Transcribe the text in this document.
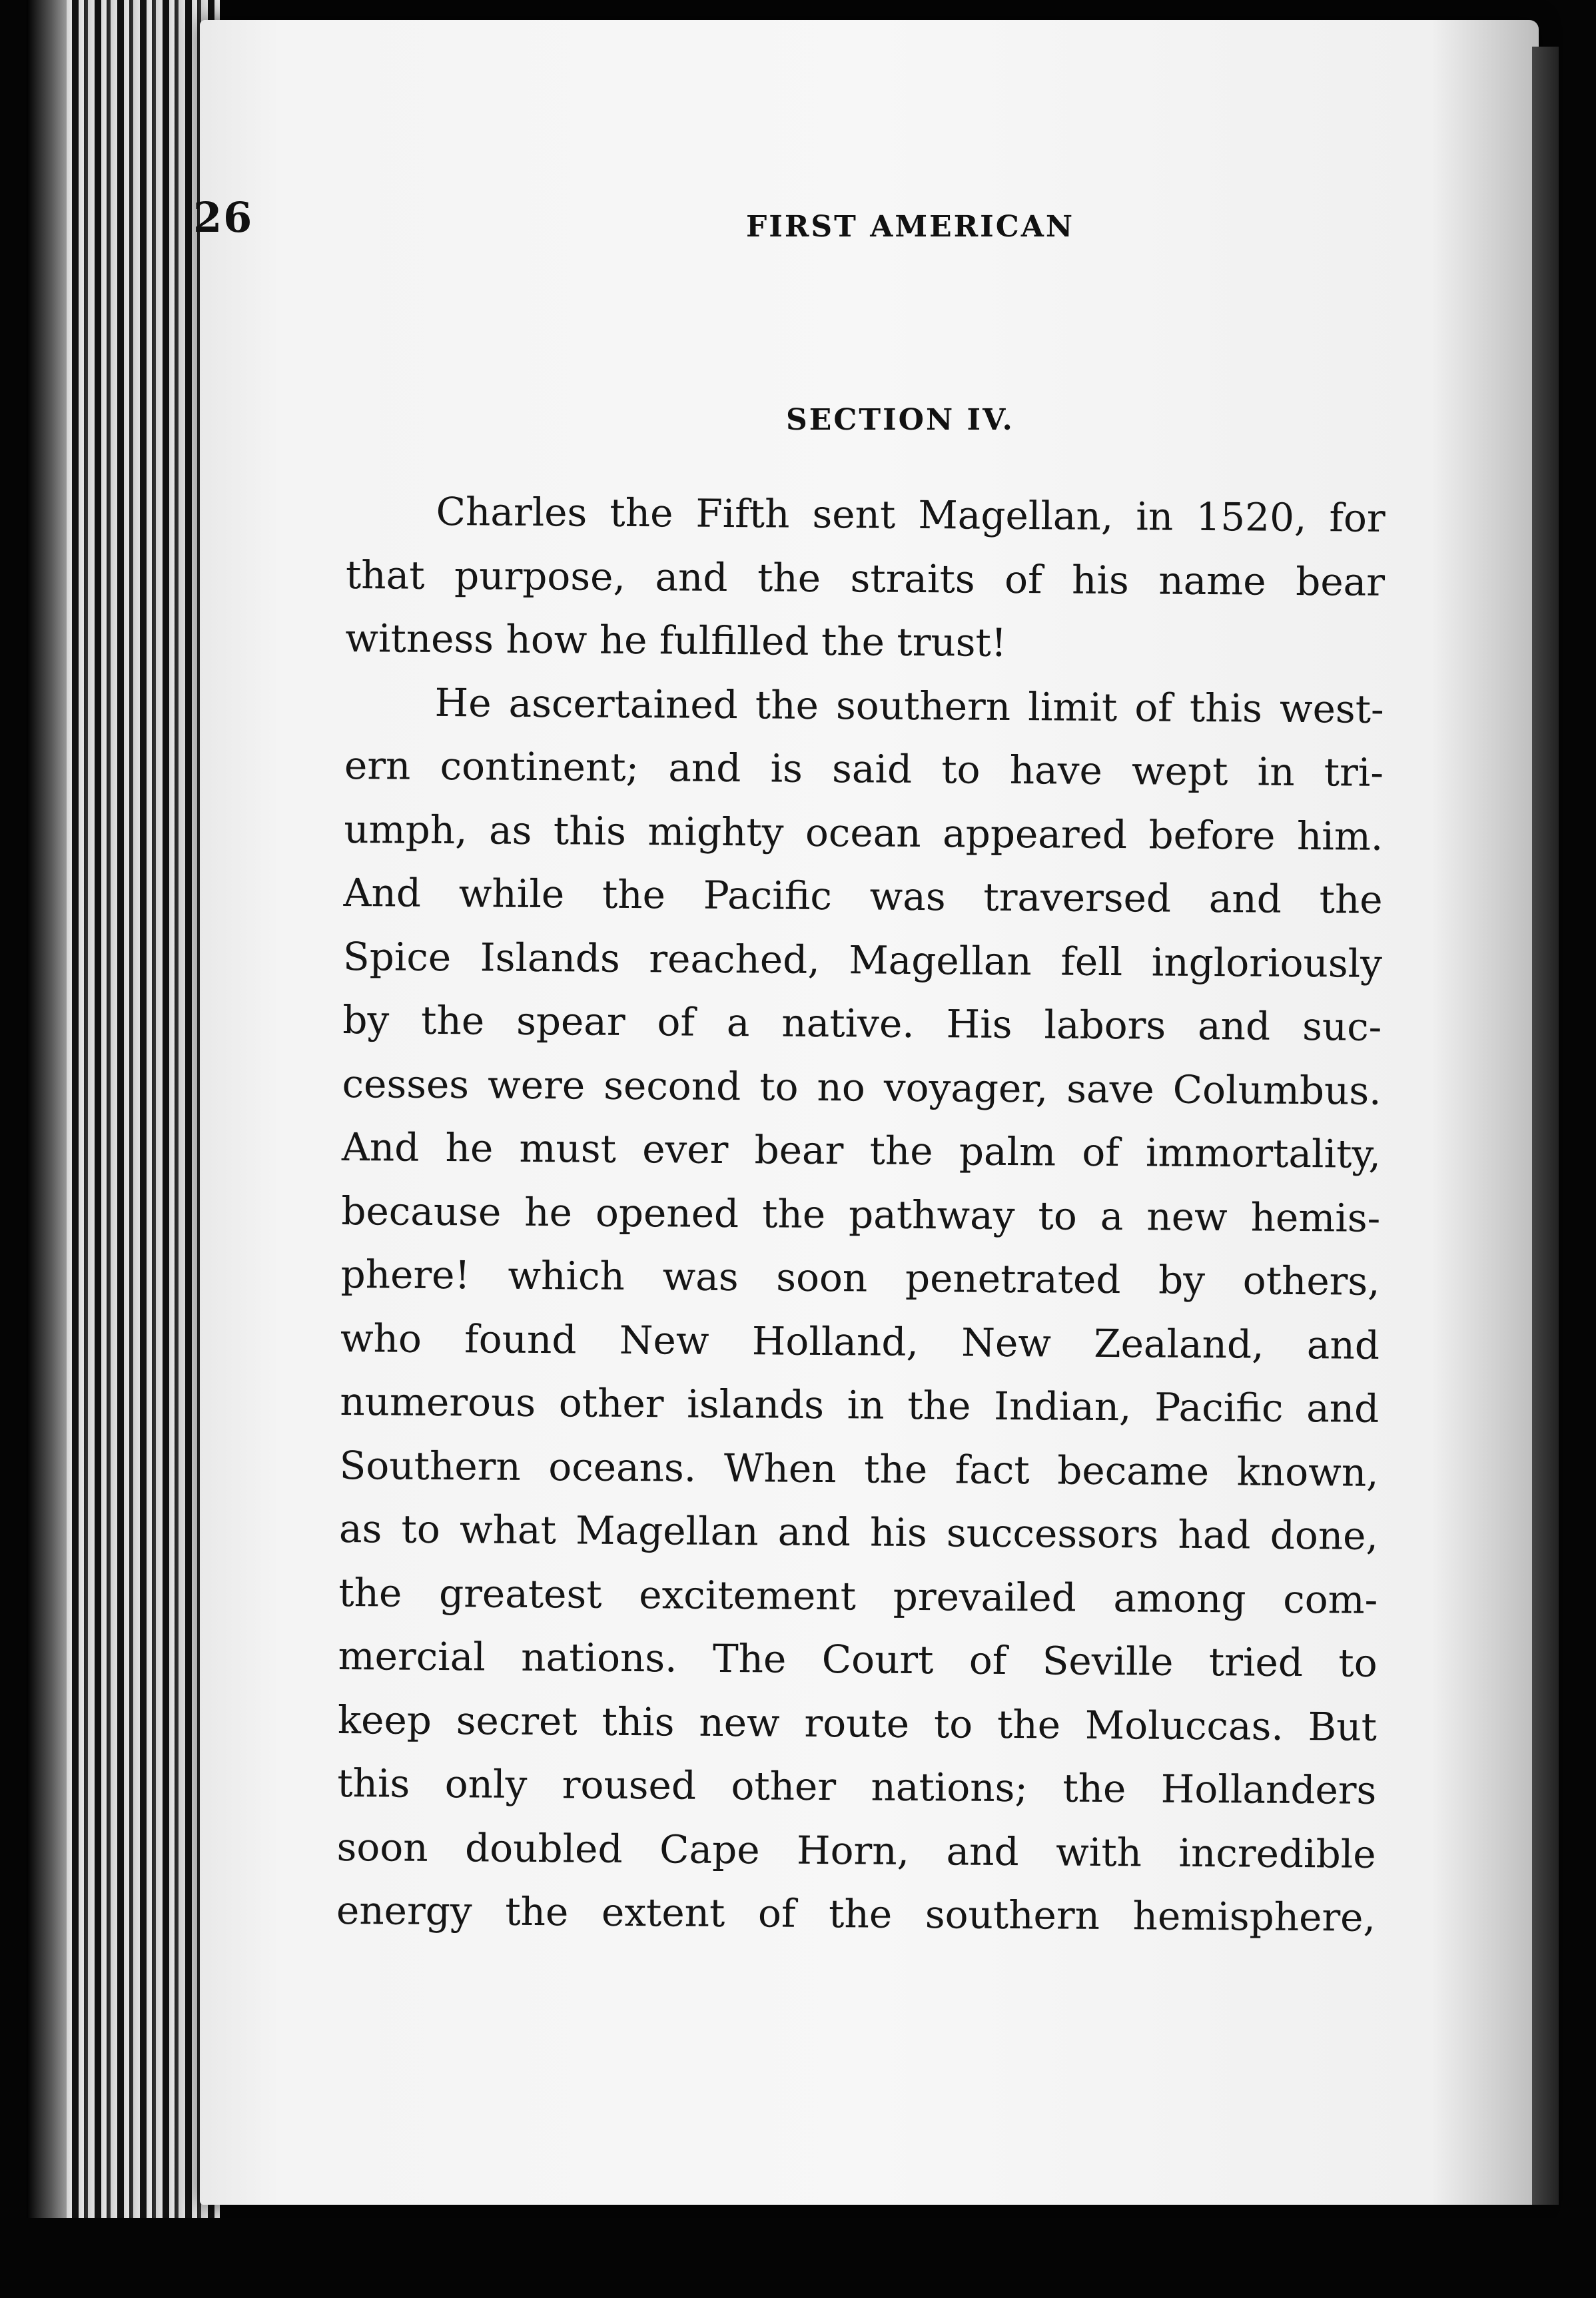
26	FIRST AMERICAN
SECTION IV.
Charles the Fifth sent Magellan, in 1520, for
that purpose, and the straits of his name bear
witness how he fulfilled the trust!
He ascertained the southern limit of this west-
ern continent; and is said to have wept in tri-
umph, as this mighty ocean appeared before him.
And while the Pacific was traversed and the
Spice Islands reached, Magellan fell ingloriously
by the spear of a native. His labors and suc-
cesses were second to no voyager, save Columbus.
And he must ever bear the palm of immortality,
because he opened the pathway to a new hemis-
phere! which was soon penetrated by others,
who found New Holland, New Zealand, and
numerous other islands in the Indian, Pacific and
Southern oceans. When the fact became known,
as to what Magellan and his successors had done,
the greatest excitement prevailed among com-
mercial nations. The Court of Seville tried to
keep secret this new route to the Moluccas. But
this only roused other nations; the Hollanders
soon doubled Cape Horn, and with incredible
energy the extent of the southern hemisphere,
